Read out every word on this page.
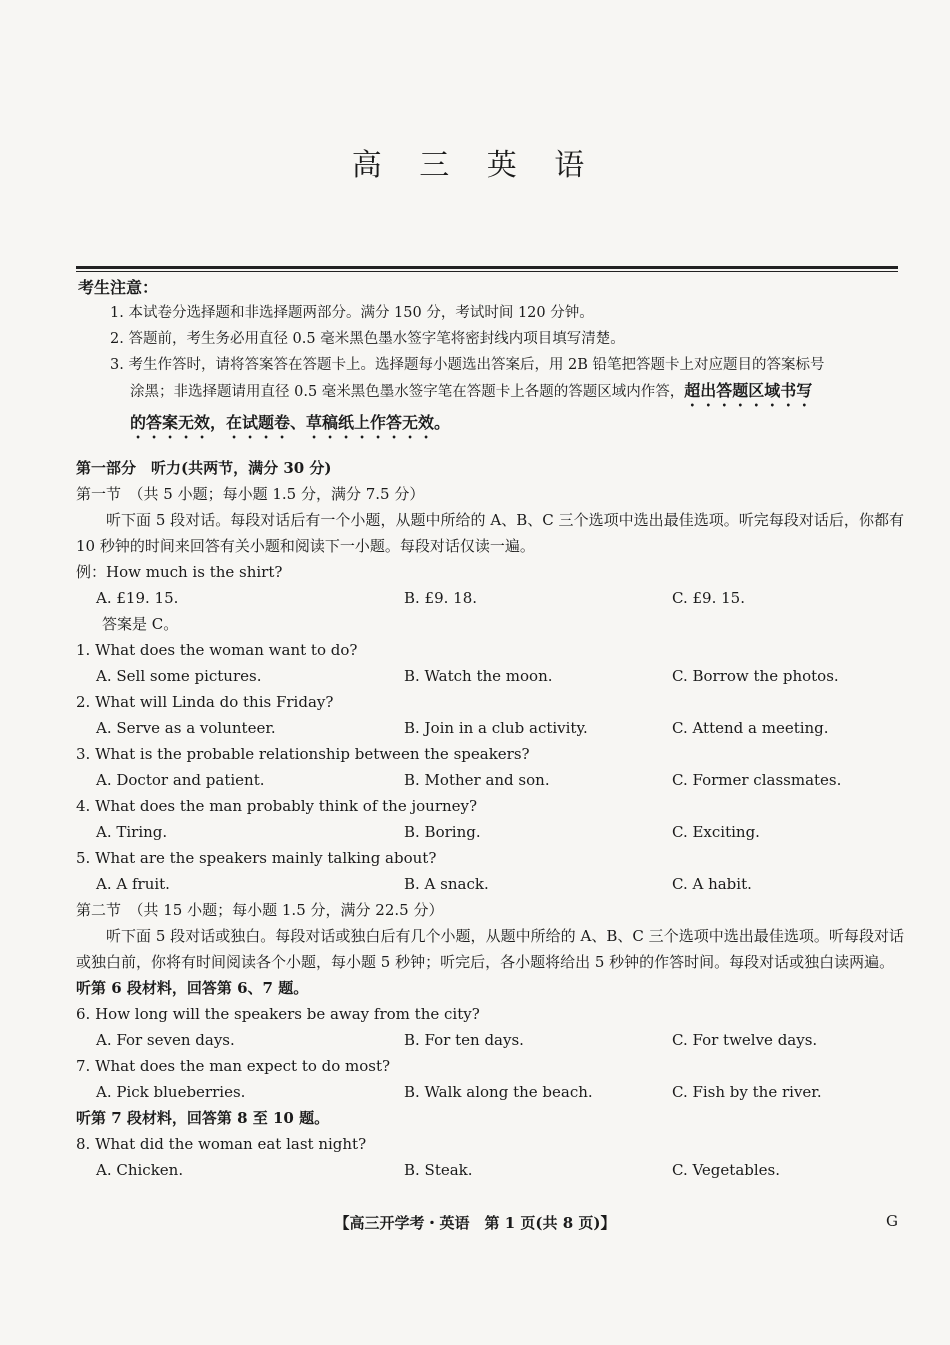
高 三 英 语
考生注意：
1. 本试卷分选择题和非选择题两部分。满分 150 分，考试时间 120 分钟。
2. 答题前，考生务必用直径 0.5 毫米黑色墨水签字笔将密封线内项目填写清楚。
3. 考生作答时，请将答案答在答题卡上。选择题每小题选出答案后，用 2B 铅笔把答题卡上对应题目的答案标号
涂黑；非选择题请用直径 0.5 毫米黑色墨水签字笔在答题卡上各题的答题区域内作答，超出答题区域书写
的答案无效，在试题卷、草稿纸上作答无效。
第一部分　听力(共两节，满分 30 分)
第一节　（共 5 小题；每小题 1.5 分，满分 7.5 分）
听下面 5 段对话。每段对话后有一个小题，从题中所给的 A、B、C 三个选项中选出最佳选项。听完每段对话后，你都有 10 秒钟的时间来回答有关小题和阅读下一小题。每段对话仅读一遍。
例：How much is the shirt?
A. £19. 15.	B. £9. 18.	C. £9. 15.
答案是 C。
1. What does the woman want to do?
A. Sell some pictures.	B. Watch the moon.	C. Borrow the photos.
2. What will Linda do this Friday?
A. Serve as a volunteer.	B. Join in a club activity.	C. Attend a meeting.
3. What is the probable relationship between the speakers?
A. Doctor and patient.	B. Mother and son.	C. Former classmates.
4. What does the man probably think of the journey?
A. Tiring.	B. Boring.	C. Exciting.
5. What are the speakers mainly talking about?
A. A fruit.	B. A snack.	C. A habit.
第二节　（共 15 小题；每小题 1.5 分，满分 22.5 分）
听下面 5 段对话或独白。每段对话或独白后有几个小题，从题中所给的 A、B、C 三个选项中选出最佳选项。听每段对话或独白前，你将有时间阅读各个小题，每小题 5 秒钟；听完后，各小题将给出 5 秒钟的作答时间。每段对话或独白读两遍。
听第 6 段材料，回答第 6、7 题。
6. How long will the speakers be away from the city?
A. For seven days.	B. For ten days.	C. For twelve days.
7. What does the man expect to do most?
A. Pick blueberries.	B. Walk along the beach.	C. Fish by the river.
听第 7 段材料，回答第 8 至 10 题。
8. What did the woman eat last night?
A. Chicken.	B. Steak.	C. Vegetables.
【高三开学考・英语　第 1 页(共 8 页)】	G
